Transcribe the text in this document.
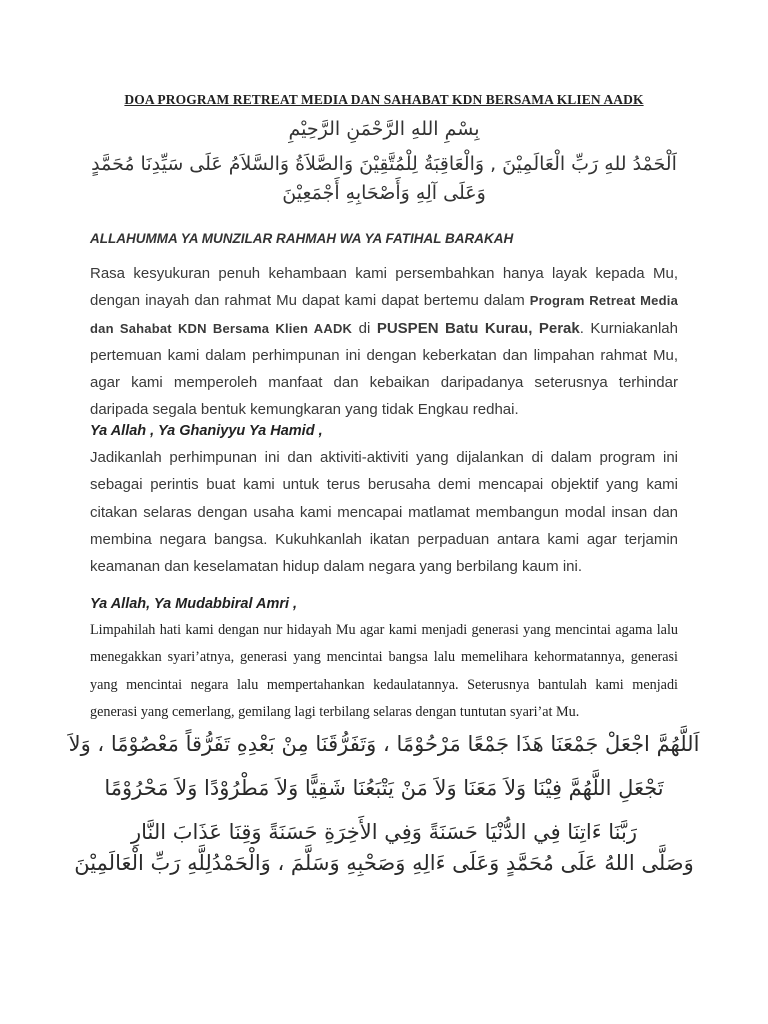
DOA PROGRAM RETREAT MEDIA DAN SAHABAT KDN BERSAMA KLIEN AADK
بِسْمِ اللهِ الرَّحْمَنِ الرَّحِيْمِ
اَلْحَمْدُ للهِ رَبِّ الْعَالَمِيْنَ , وَالْعَاقِبَةُ لِلْمُتَّقِيْنَ وَالصَّلاَةُ وَالسَّلاَمُ عَلَى سَيِّدِنَا مُحَمَّدٍ وَعَلَى آلِهِ وَأَصْحَابِهِ أَجْمَعِيْنَ
ALLAHUMMA YA MUNZILAR RAHMAH WA YA FATIHAL BARAKAH

Rasa kesyukuran penuh kehambaan kami persembahkan hanya layak kepada Mu, dengan inayah dan rahmat Mu dapat kami dapat bertemu dalam Program Retreat Media dan Sahabat KDN Bersama Klien AADK di PUSPEN Batu Kurau, Perak. Kurniakanlah pertemuan kami dalam perhimpunan ini dengan keberkatan dan limpahan rahmat Mu, agar kami memperoleh manfaat dan kebaikan daripadanya seterusnya terhindar daripada segala bentuk kemungkaran yang tidak Engkau redhai.

Ya Allah , Ya Ghaniyyu Ya Hamid ,

Jadikanlah perhimpunan ini dan aktiviti-aktiviti yang dijalankan di dalam program ini sebagai perintis buat kami untuk terus berusaha demi mencapai objektif yang kami citakan selaras dengan usaha kami mencapai matlamat membangun modal insan dan membina negara bangsa. Kukuhkanlah ikatan perpaduan antara kami agar terjamin keamanan dan keselamatan hidup dalam negara yang berbilang kaum ini.

Ya Allah, Ya Mudabbiral Amri ,

Limpahilah hati kami dengan nur hidayah Mu agar kami menjadi generasi yang mencintai agama lalu menegakkan syari’atnya, generasi yang mencintai bangsa lalu memelihara kehormatannya, generasi yang mencintai negara lalu mempertahankan kedaulatannya. Seterusnya bantulah kami menjadi generasi yang cemerlang, gemilang lagi terbilang selaras dengan tuntutan syari’at Mu.

اَللَّهُمَّ اجْعَلْ جَمْعَنَا هَذَا جَمْعًا مَرْحُوْمًا ، وَتَفَرُّقَنَا مِنْ بَعْدِهِ تَفَرُّقاً مَعْصُوْمًا ، وَلاَ
تَجْعَلِ اللَّهُمَّ فِيْنَا وَلاَ مَعَنَا وَلاَ مَنْ يَتْبَعُنَا شَقِيًّا وَلاَ مَطْرُوْدًا وَلاَ مَحْرُوْمًا
رَبَّنَا ءَاتِنَا فِي الدُّنْيَا حَسَنَةً وَفِي الأَخِرَةِ حَسَنَةً وَقِنَا عَذَابَ النَّارِ
وَصَلَّى اللهُ عَلَى مُحَمَّدٍ وَعَلَى ءَالِهِ وَصَحْبِهِ وَسَلَّمَ ، وَالْحَمْدُلِلَّهِ رَبِّ الْعَالَمِيْنَ
